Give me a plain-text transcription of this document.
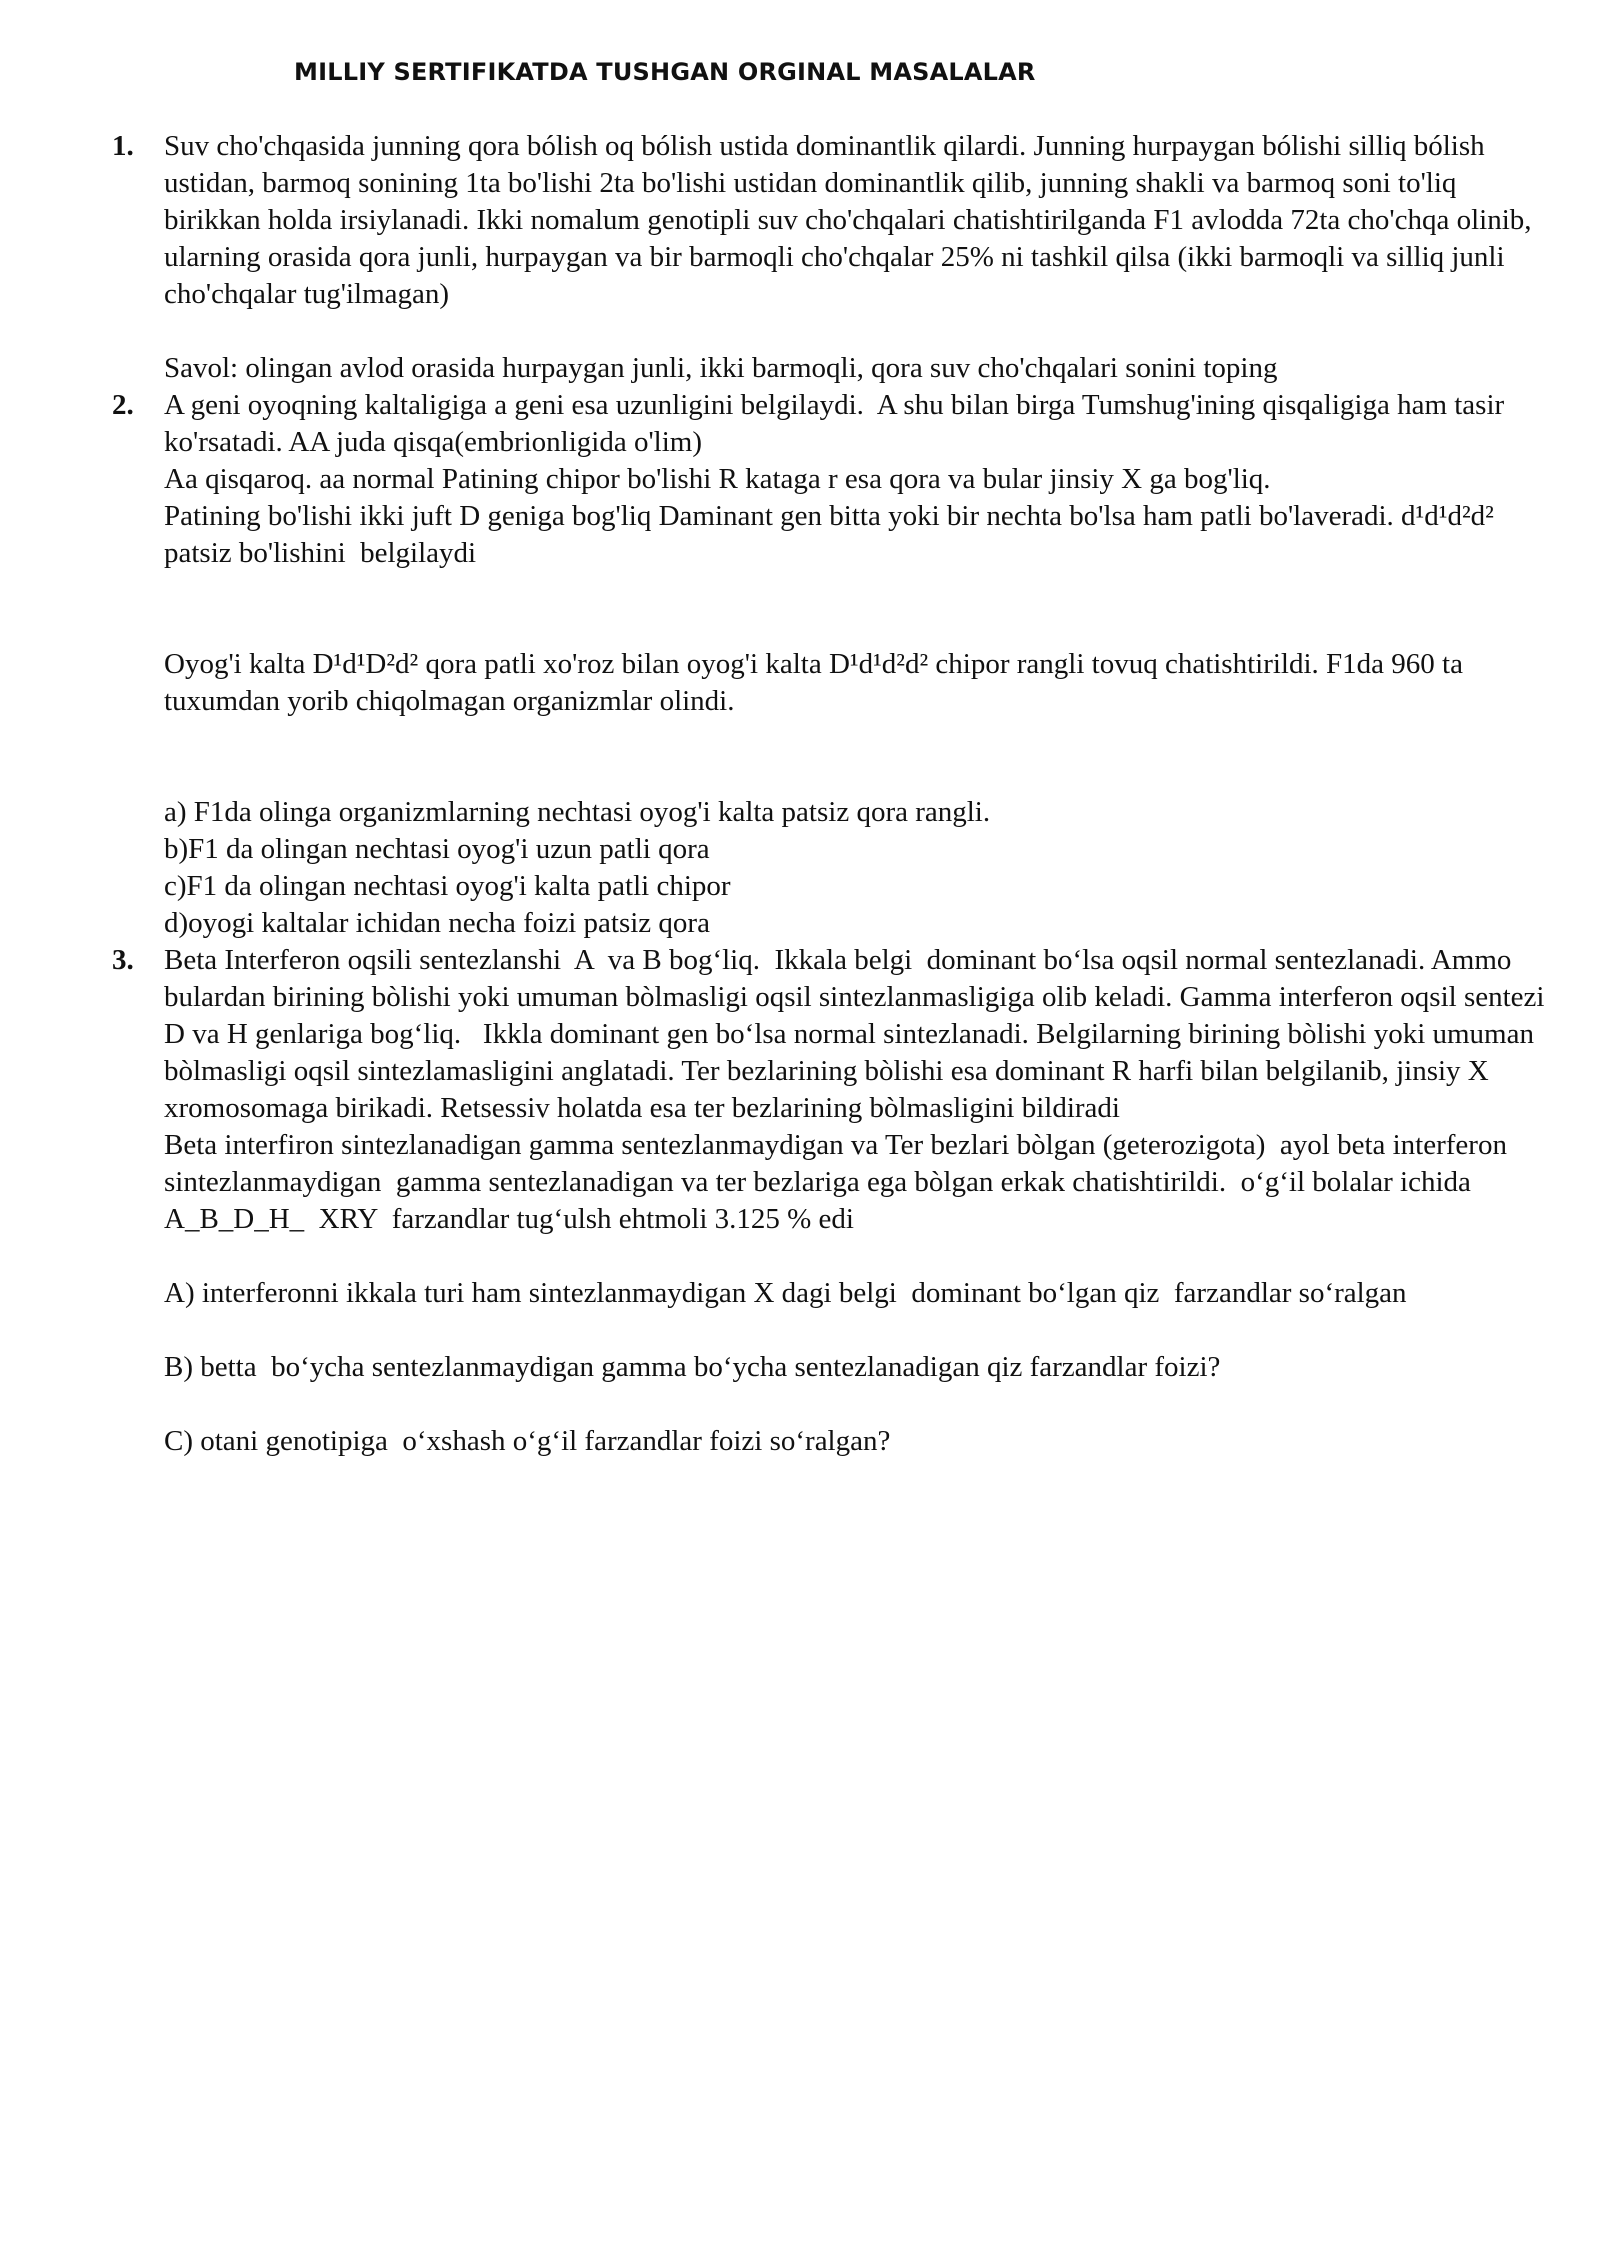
MILLIY SERTIFIKATDA TUSHGAN ORGINAL MASALALAR
1.	Suv cho'chqasida junning qora bólish oq bólish ustida dominantlik qilardi. Junning hurpaygan bólishi silliq bólish ustidan, barmoq sonining 1ta bo'lishi 2ta bo'lishi ustidan dominantlik qilib, junning shakli va barmoq soni to'liq birikkan holda irsiylanadi. Ikki nomalum genotipli suv cho'chqalari chatishtirilganda F1 avlodda 72ta cho'chqa olinib, ularning orasida qora junli, hurpaygan va bir barmoqli cho'chqalar 25% ni tashkil qilsa (ikki barmoqli va silliq junli cho'chqalar tug'ilmagan)

Savol: olingan avlod orasida hurpaygan junli, ikki barmoqli, qora suv cho'chqalari sonini toping

2.	A geni oyoqning kaltaligiga a geni esa uzunligini belgilaydi.  A shu bilan birga Tumshug'ining qisqaligiga ham tasir ko'rsatadi. AA juda qisqa(embrionligida o'lim)

Aa qisqaroq. aa normal Patining chipor bo'lishi R kataga r esa qora va bular jinsiy X ga bog'liq.

Patining bo'lishi ikki juft D geniga bog'liq Daminant gen bitta yoki bir nechta bo'lsa ham patli bo'laveradi. d¹d¹d²d² patsiz bo'lishini  belgilaydi

Oyog'i kalta D¹d¹D²d² qora patli xo'roz bilan oyog'i kalta D¹d¹d²d² chipor rangli tovuq chatishtirildi. F1da 960 ta tuxumdan yorib chiqolmagan organizmlar olindi.

a) F1da olinga organizmlarning nechtasi oyog'i kalta patsiz qora rangli.

b)F1 da olingan nechtasi oyog'i uzun patli qora

c)F1 da olingan nechtasi oyog'i kalta patli chipor

d)oyogi kaltalar ichidan necha foizi patsiz qora

3.	Beta Interferon oqsili sentezlanshi  A  va B bog‘liq.  Ikkala belgi  dominant bo‘lsa oqsil normal sentezlanadi. Ammo bulardan birining bòlishi yoki umuman bòlmasligi oqsil sintezlanmasligiga olib keladi. Gamma interferon oqsil sentezi D va H genlariga bog‘liq.   Ikkla dominant gen bo‘lsa normal sintezlanadi. Belgilarning birining bòlishi yoki umuman bòlmasligi oqsil sintezlamasligini anglatadi. Ter bezlarining bòlishi esa dominant R harfi bilan belgilanib, jinsiy X xromosomaga birikadi. Retsessiv holatda esa ter bezlarining bòlmasligini bildiradi

Beta interfiron sintezlanadigan gamma sentezlanmaydigan va Ter bezlari bòlgan (geterozigota)  ayol beta interferon sintezlanmaydigan  gamma sentezlanadigan va ter bezlariga ega bòlgan erkak chatishtirildi.  o‘g‘il bolalar ichida A_B_D_H_  XRY  farzandlar tug‘ulsh ehtmoli 3.125 % edi

A) interferonni ikkala turi ham sintezlanmaydigan X dagi belgi  dominant bo‘lgan qiz  farzandlar so‘ralgan

B) betta  bo‘ycha sentezlanmaydigan gamma bo‘ycha sentezlanadigan qiz farzandlar foizi?

C) otani genotipiga  o‘xshash o‘g‘il farzandlar foizi so‘ralgan?
